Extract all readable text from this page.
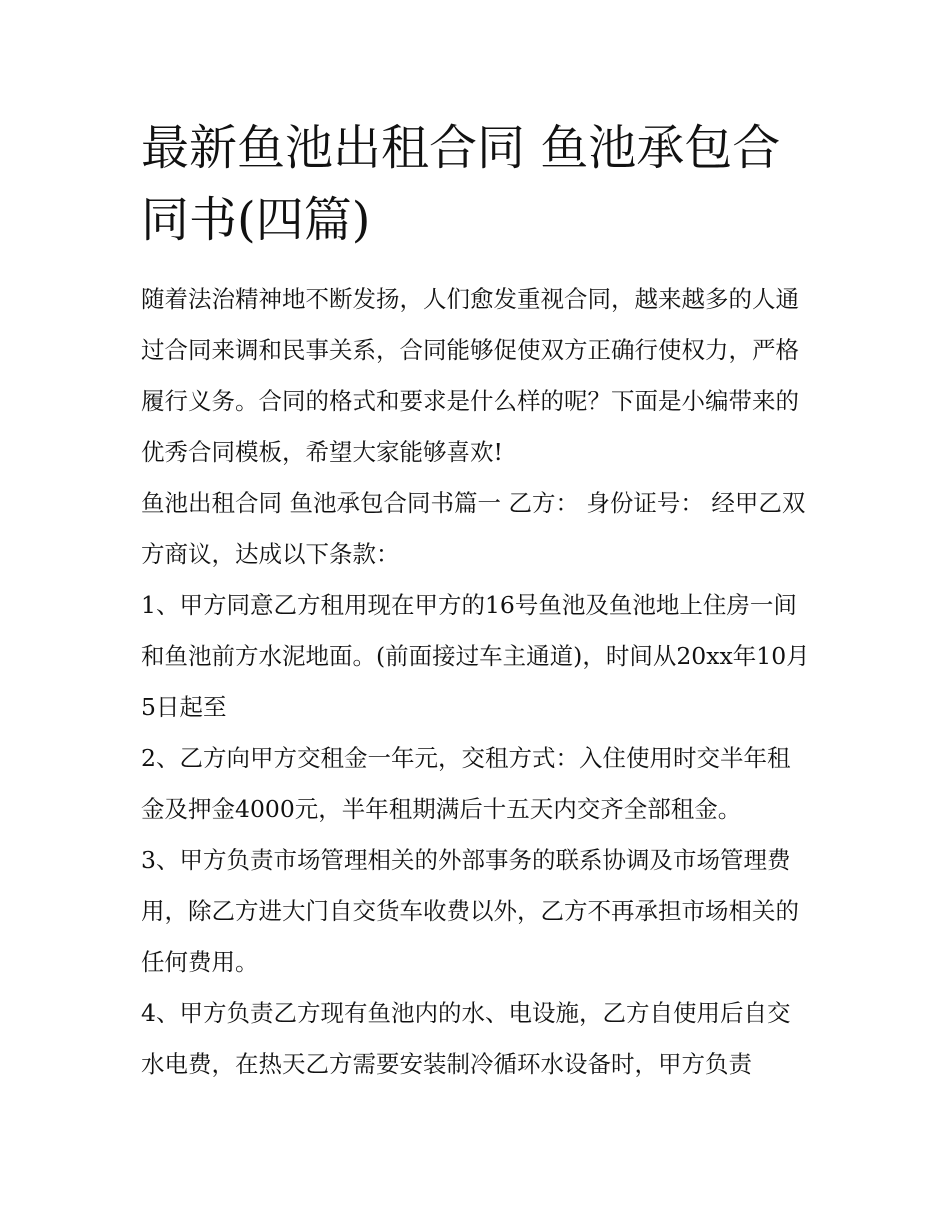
最新鱼池出租合同 鱼池承包合同书(四篇)

随着法治精神地不断发扬，人们愈发重视合同，越来越多的人通过合同来调和民事关系，合同能够促使双方正确行使权力，严格履行义务。合同的格式和要求是什么样的呢？下面是小编带来的优秀合同模板，希望大家能够喜欢!

鱼池出租合同 鱼池承包合同书篇一 乙方： 身份证号： 经甲乙双方商议，达成以下条款：

1、甲方同意乙方租用现在甲方的16号鱼池及鱼池地上住房一间和鱼池前方水泥地面。(前面接过车主通道)，时间从20xx年10月5日起至

2、乙方向甲方交租金一年元，交租方式：入住使用时交半年租金及押金4000元，半年租期满后十五天内交齐全部租金。

3、甲方负责市场管理相关的外部事务的联系协调及市场管理费用，除乙方进大门自交货车收费以外，乙方不再承担市场相关的任何费用。

4、甲方负责乙方现有鱼池内的水、电设施，乙方自使用后自交水电费，在热天乙方需要安装制冷循环水设备时，甲方负责
